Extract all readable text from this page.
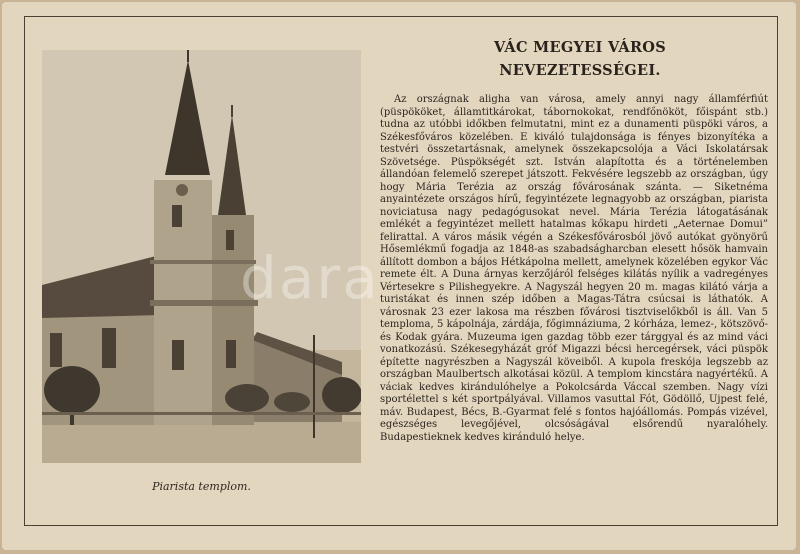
Piarista templom.
VÁC MEGYEI VÁROS
NEVEZETESSÉGEI.
Az országnak aligha van városa, amely annyi nagy államférfiút (püspököket, államtitkárokat, tábornokokat, rendfőnököt, főispánt stb.) tudna az utóbbi időkben felmutatni, mint ez a dunamenti püspöki város, a Székesfőváros közelében. E kiváló tulajdonsága is fényes bizonyítéka a testvéri összetartásnak, amelynek összekapcsolója a Váci Iskolatársak Szövetsége. Püspökségét szt. István alapította és a történelemben állandóan felemelő szerepet játszott. Fekvésére legszebb az országban, úgy hogy Mária Terézia az ország fővárosának szánta. — Siketnéma anyaintézete országos hírű, fegyintézete legnagyobb az országban, piarista noviciatusa nagy pedagógusokat nevel. Mária Terézia látogatásának emlékét a fegyintézet mellett hatalmas kőkapu hirdeti „Aeternae Domui” felirattal. A város másik végén a Székesfővárosból jövő autókat gyönyörű Hősemlékmű fogadja az 1848-as szabadságharcban elesett hősök hamvain állított dombon a bájos Hétkápolna mellett, amelynek közelében egykor Vác remete élt. A Duna árnyas kerzőjáról felséges kilátás nyílik a vadregényes Vértesekre s Pilishegyekre. A Nagyszál hegyen 20 m. magas kilátó várja a turistákat és innen szép időben a Magas-Tátra csúcsai is láthatók. A városnak 23 ezer lakosa ma részben fővárosi tisztviselőkből is áll. Van 5 temploma, 5 kápolnája, zárdája, főgimnáziuma, 2 kórháza, lemez-, kötszövő- és Kodak gyára. Muzeuma igen gazdag több ezer tárggyal és az mind váci vonatkozású. Székesegyházát gróf Migazzi bécsi hercegérsek, váci püspök építette nagyrészben a Nagyszál köveiből. A kupola freskója legszebb az országban Maulbertsch alkotásai közül. A templom kincstára nagyértékű. A váciak kedves kirándulóhelye a Pokolcsárda Váccal szemben. Nagy vízi sportélettel s két sportpályával. Villamos vasuttal Fót, Gödöllő, Ujpest felé, máv. Budapest, Bécs, B.-Gyarmat felé s fontos hajóállomás. Pompás vizével, egészséges levegőjével, olcsóságával elsőrendű nyaralóhely. Budapestieknek kedves kiránduló helye.
dara
